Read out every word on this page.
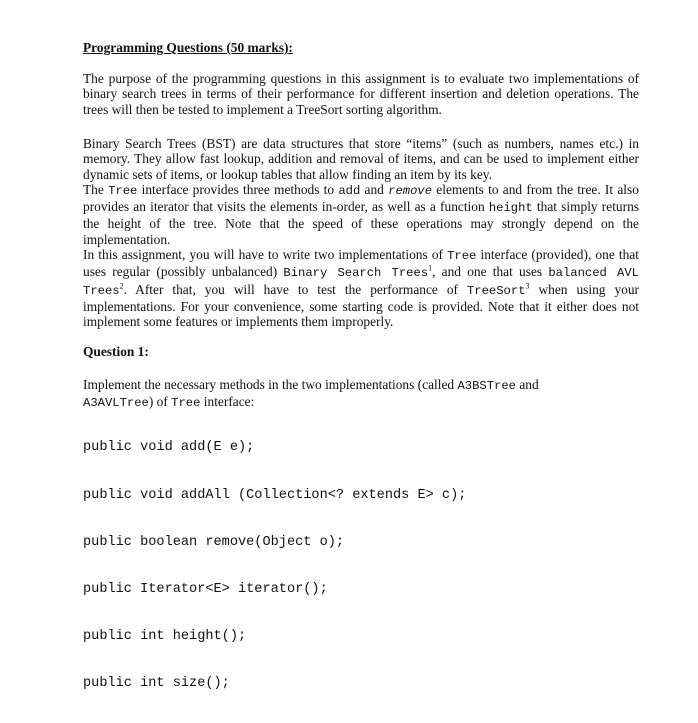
Programming Questions (50 marks):
The purpose of the programming questions in this assignment is to evaluate two implementations of binary search trees in terms of their performance for different insertion and deletion operations. The trees will then be tested to implement a TreeSort sorting algorithm.
Binary Search Trees (BST) are data structures that store “items” (such as numbers, names etc.) in memory. They allow fast lookup, addition and removal of items, and can be used to implement either dynamic sets of items, or lookup tables that allow finding an item by its key.
The Tree interface provides three methods to add and remove elements to and from the tree. It also provides an iterator that visits the elements in-order, as well as a function height that simply returns the height of the tree. Note that the speed of these operations may strongly depend on the implementation.
In this assignment, you will have to write two implementations of Tree interface (provided), one that uses regular (possibly unbalanced) Binary Search Trees$^1$, and one that uses balanced AVL Trees$^2$. After that, you will have to test the performance of TreeSort$^3$ when using your implementations. For your convenience, some starting code is provided. Note that it either does not implement some features or implements them improperly.
Question 1:
Implement the necessary methods in the two implementations (called A3BSTree and
A3AVLTree) of Tree interface:

public void add(E e);

public void addAll (Collection<? extends E> c);

public boolean remove(Object o);

public Iterator<E> iterator();

public int height();

public int size();
